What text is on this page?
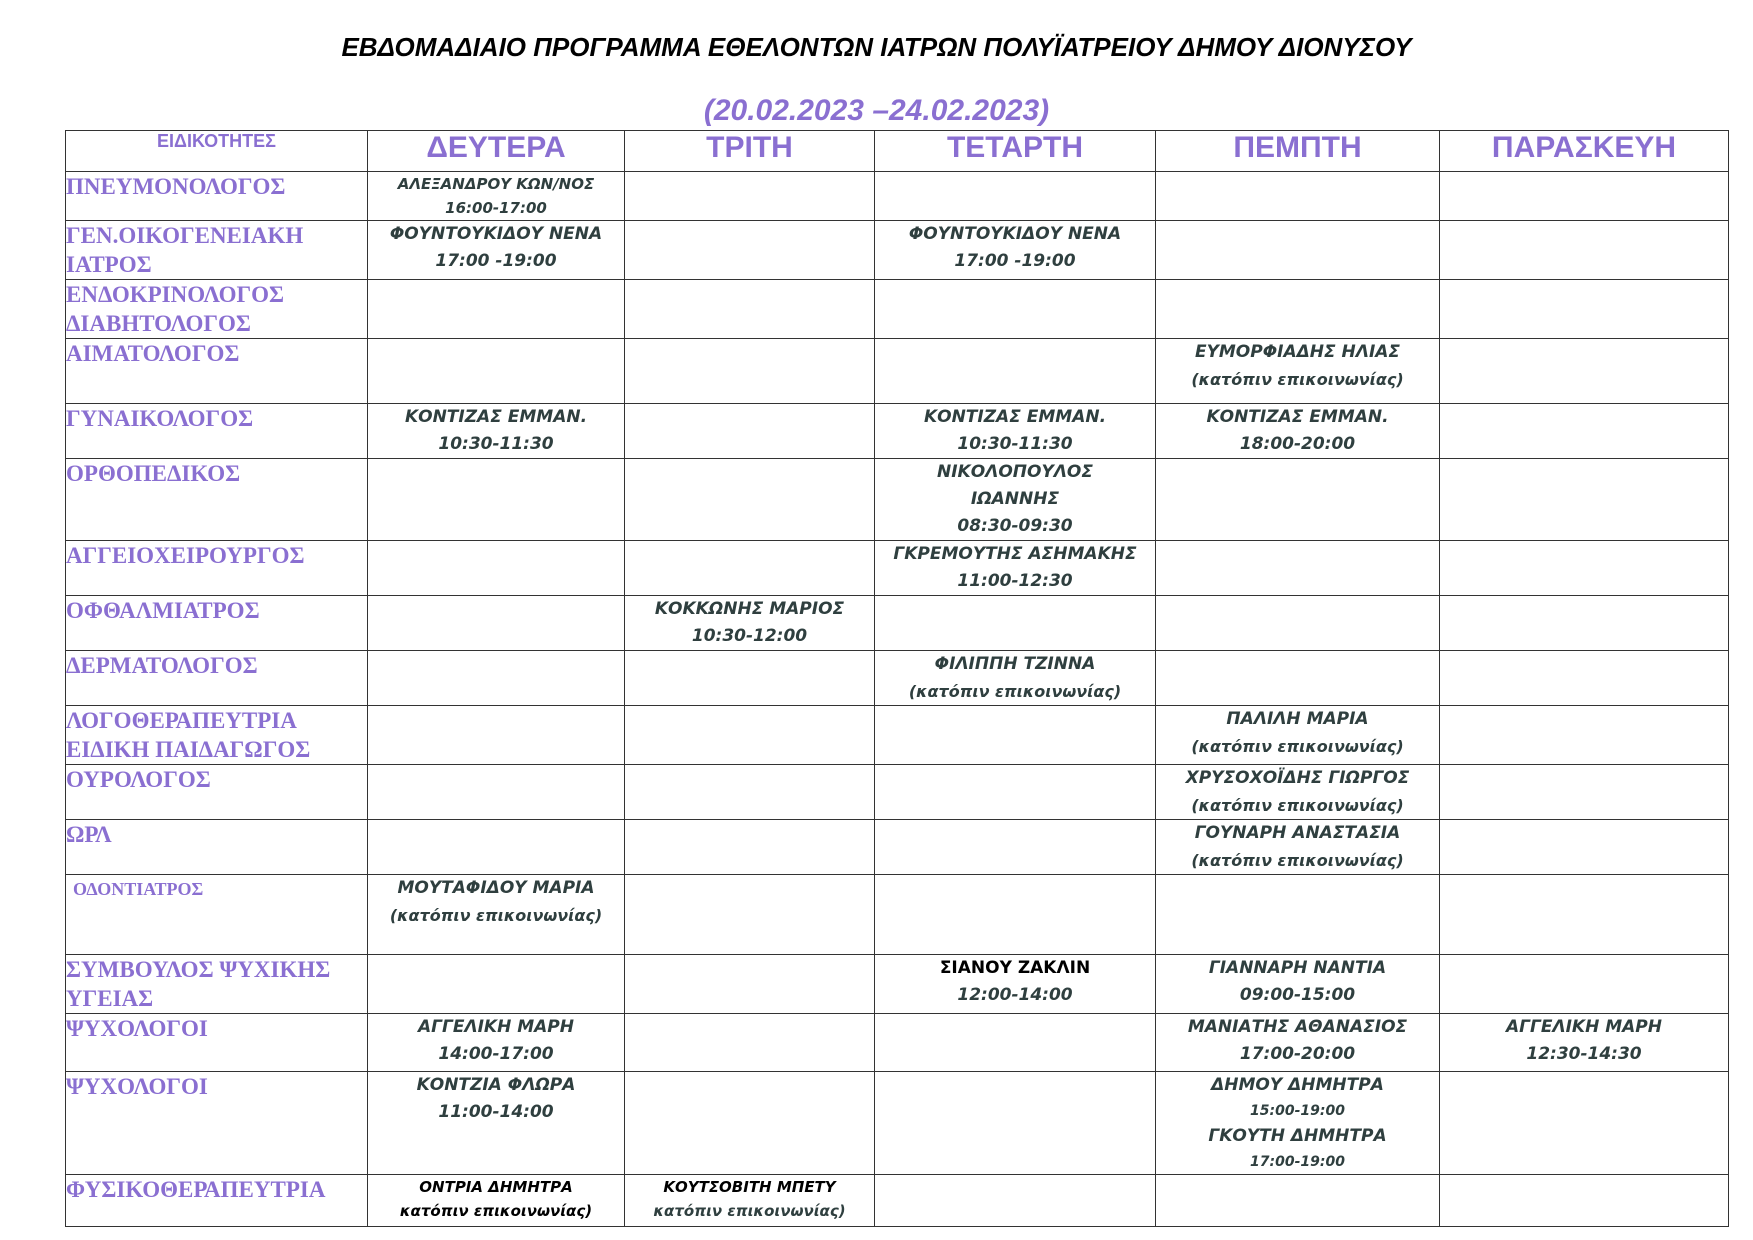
ΕΒΔΟΜΑΔΙΑΙΟ ΠΡΟΓΡΑΜΜΑ ΕΘΕΛΟΝΤΩΝ ΙΑΤΡΩΝ ΠΟΛΥΪΑΤΡΕΙΟΥ ΔΗΜΟΥ ΔΙΟΝΥΣΟΥ
(20.02.2023 –24.02.2023)
ΕΙΔΙΚΟΤΗΤΕΣ	ΔΕΥΤΕΡΑ	ΤΡΙΤΗ	ΤΕΤΑΡΤΗ	ΠΕΜΠΤΗ	ΠΑΡΑΣΚΕΥΗ
ΠΝΕΥΜΟΝΟΛΟΓΟΣ	ΑΛΕΞΑΝΔΡΟΥ ΚΩΝ/ΝΟΣ
16:00-17:00				

ΓΕΝ.ΟΙΚΟΓΕΝΕΙΑΚΗ
ΙΑΤΡΟΣ	ΦΟΥΝΤΟΥΚΙΔΟΥ ΝΕΝΑ
17:00 -19:00		ΦΟΥΝΤΟΥΚΙΔΟΥ ΝΕΝΑ
17:00 -19:00		

ΕΝΔΟΚΡΙΝΟΛΟΓΟΣ
ΔΙΑΒΗΤΟΛΟΓΟΣ					

ΑΙΜΑΤΟΛΟΓΟΣ				ΕΥΜΟΡΦΙΑΔΗΣ ΗΛΙΑΣ
(κατόπιν επικοινωνίας)	

ΓΥΝΑΙΚΟΛΟΓΟΣ	ΚΟΝΤΙΖΑΣ ΕΜΜΑΝ.
10:30-11:30		ΚΟΝΤΙΖΑΣ ΕΜΜΑΝ.
10:30-11:30	ΚΟΝΤΙΖΑΣ ΕΜΜΑΝ.
18:00-20:00	

ΟΡΘΟΠΕΔΙΚΟΣ			ΝΙΚΟΛΟΠΟΥΛΟΣ
ΙΩΑΝΝΗΣ
08:30-09:30		

ΑΓΓΕΙΟΧΕΙΡΟΥΡΓΟΣ			ΓΚΡΕΜΟΥΤΗΣ ΑΣΗΜΑΚΗΣ
11:00-12:30		

ΟΦΘΑΛΜΙΑΤΡΟΣ		ΚΟΚΚΩΝΗΣ ΜΑΡΙΟΣ
10:30-12:00			

ΔΕΡΜΑΤΟΛΟΓΟΣ			ΦΙΛΙΠΠΗ ΤΖΙΝΝΑ
(κατόπιν επικοινωνίας)		

ΛΟΓΟΘΕΡΑΠΕΥΤΡΙΑ
ΕΙΔΙΚΗ ΠΑΙΔΑΓΩΓΟΣ				ΠΑΛΙΛΗ ΜΑΡΙΑ
(κατόπιν επικοινωνίας)	

ΟΥΡΟΛΟΓΟΣ				ΧΡΥΣΟΧΟΪΔΗΣ ΓΙΩΡΓΟΣ
(κατόπιν επικοινωνίας)	

ΩΡΛ				ΓΟΥΝΑΡΗ ΑΝΑΣΤΑΣΙΑ
(κατόπιν επικοινωνίας)	

ΟΔΟΝΤΙΑΤΡΟΣ	ΜΟΥΤΑΦΙΔΟΥ ΜΑΡΙΑ
(κατόπιν επικοινωνίας)				

ΣΥΜΒΟΥΛΟΣ ΨΥΧΙΚΗΣ
ΥΓΕΙΑΣ			ΣΙΑΝΟΥ ΖΑΚΛΙΝ
12:00-14:00	ΓΙΑΝΝΑΡΗ ΝΑΝΤΙΑ
09:00-15:00	

ΨΥΧΟΛΟΓΟΙ	ΑΓΓΕΛΙΚΗ ΜΑΡΗ
14:00-17:00			ΜΑΝΙΑΤΗΣ ΑΘΑΝΑΣΙΟΣ
17:00-20:00	ΑΓΓΕΛΙΚΗ ΜΑΡΗ
12:30-14:30

ΨΥΧΟΛΟΓΟΙ	ΚΟΝΤΖΙΑ ΦΛΩΡΑ
11:00-14:00			ΔΗΜΟΥ ΔΗΜΗΤΡΑ
15:00-19:00
ΓΚΟΥΤΗ ΔΗΜΗΤΡΑ
17:00-19:00	

ΦΥΣΙΚΟΘΕΡΑΠΕΥΤΡΙΑ	ΟΝΤΡΙΑ ΔΗΜΗΤΡΑ
κατόπιν επικοινωνίας)	ΚΟΥΤΣΟΒΙΤΗ ΜΠΕΤΥ
κατόπιν επικοινωνίας)			
